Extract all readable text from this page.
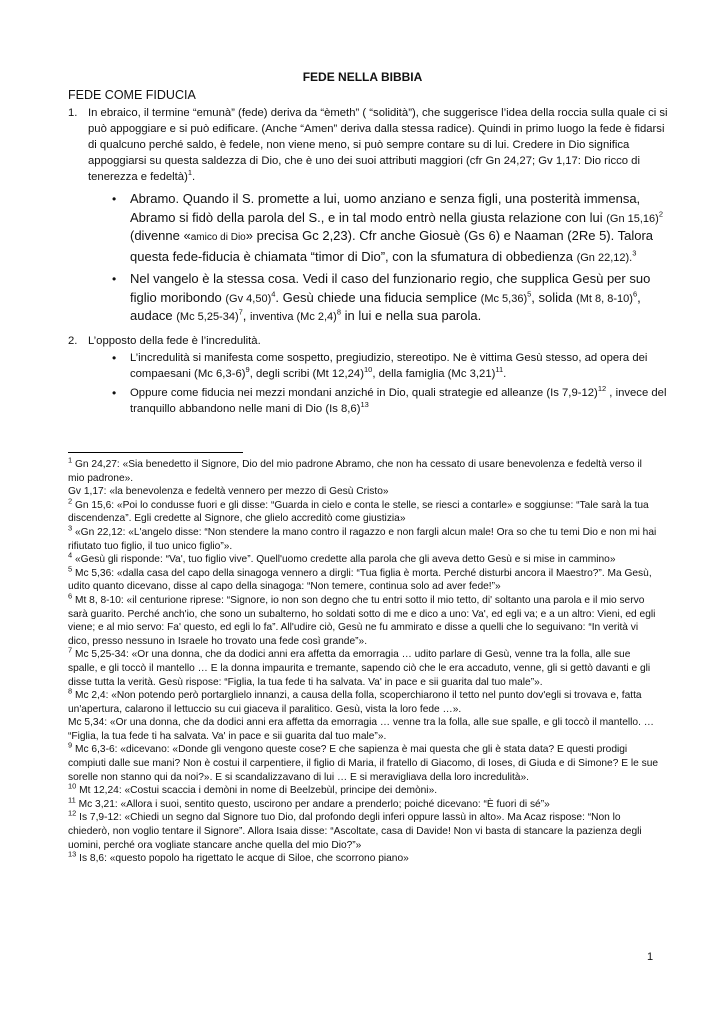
FEDE NELLA BIBBIA
FEDE COME FIDUCIA
1. In ebraico, il termine “emunà” (fede) deriva da “èmeth” ( “solidità”), che suggerisce l’idea della roccia sulla quale ci si può appoggiare e si può edificare. (Anche “Amen” deriva dalla stessa radice). Quindi in primo luogo la fede è fidarsi di qualcuno perché saldo, è fedele, non viene meno, si può sempre contare su di lui. Credere in Dio significa appoggiarsi su questa saldezza di Dio, che è uno dei suoi attributi maggiori (cfr Gn 24,27; Gv 1,17: Dio ricco di tenerezza e fedeltà)$^1$.
• Abramo. Quando il S. promette a lui, uomo anziano e senza figli, una posterità immensa, Abramo si fidò della parola del S., e in tal modo entrò nella giusta relazione con lui (Gn 15,16)$^2$ (divenne «amico di Dio» precisa Gc 2,23). Cfr anche Giosuè (Gs 6) e Naaman (2Re 5). Talora questa fede-fiducia è chiamata “timor di Dio”, con la sfumatura di obbedienza (Gn 22,12).$^3$
• Nel vangelo è la stessa cosa. Vedi il caso del funzionario regio, che supplica Gesù per suo figlio moribondo (Gv 4,50)$^4$. Gesù chiede una fiducia semplice (Mc 5,36)$^5$, solida (Mt 8, 8-10)$^6$, audace (Mc 5,25-34)$^7$, inventiva (Mc 2,4)$^8$ in lui e nella sua parola.
2. L’opposto della fede è l’incredulità.
• L’incredulità si manifesta come sospetto, pregiudizio, stereotipo. Ne è vittima Gesù stesso, ad opera dei compaesani (Mc 6,3-6)$^9$, degli scribi (Mt 12,24)$^{10}$, della famiglia (Mc 3,21)$^{11}$.
• Oppure come fiducia nei mezzi mondani anziché in Dio, quali strategie ed alleanze (Is 7,9-12)$^{12}$ , invece del tranquillo abbandono nelle mani di Dio (Is 8,6)$^{13}$

$^1$ Gn 24,27: «Sia benedetto il Signore, Dio del mio padrone Abramo, che non ha cessato di usare benevolenza e fedeltà verso il mio padrone».

Gv 1,17: «la benevolenza e fedeltà vennero per mezzo di Gesù Cristo»

$^2$ Gn 15,6: «Poi lo condusse fuori e gli disse: “Guarda in cielo e conta le stelle, se riesci a contarle» e soggiunse: “Tale sarà la tua discendenza”. Egli credette al Signore, che glielo accreditò come giustizia»

$^3$ «Gn 22,12: «L'angelo disse: “Non stendere la mano contro il ragazzo e non fargli alcun male! Ora so che tu temi Dio e non mi hai rifiutato tuo figlio, il tuo unico figlio”».

$^4$ «Gesù gli risponde: “Va', tuo figlio vive”. Quell'uomo credette alla parola che gli aveva detto Gesù e si mise in cammino»

$^5$ Mc 5,36: «dalla casa del capo della sinagoga vennero a dirgli: “Tua figlia è morta. Perché disturbi ancora il Maestro?”. Ma Gesù, udito quanto dicevano, disse al capo della sinagoga: “Non temere, continua solo ad aver fede!”»

$^6$ Mt 8, 8-10: «il centurione riprese: “Signore, io non son degno che tu entri sotto il mio tetto, di' soltanto una parola e il mio servo sarà guarito. Perché anch'io, che sono un subalterno, ho soldati sotto di me e dico a uno: Va', ed egli va; e a un altro: Vieni, ed egli viene; e al mio servo: Fa' questo, ed egli lo fa”. All'udire ciò, Gesù ne fu ammirato e disse a quelli che lo seguivano: “In verità vi dico, presso nessuno in Israele ho trovato una fede così grande”».

$^7$ Mc 5,25-34: «Or una donna, che da dodici anni era affetta da emorragia … udito parlare di Gesù, venne tra la folla, alle sue spalle, e gli toccò il mantello … E la donna impaurita e tremante, sapendo ciò che le era accaduto, venne, gli si gettò davanti e gli disse tutta la verità. Gesù rispose: “Figlia, la tua fede ti ha salvata. Va' in pace e sii guarita dal tuo male”».

$^8$ Mc 2,4: «Non potendo però portarglielo innanzi, a causa della folla, scoperchiarono il tetto nel punto dov'egli si trovava e, fatta un'apertura, calarono il lettuccio su cui giaceva il paralitico. Gesù, vista la loro fede …».

Mc 5,34: «Or una donna, che da dodici anni era affetta da emorragia … venne tra la folla, alle sue spalle, e gli toccò il mantello. … “Figlia, la tua fede ti ha salvata. Va' in pace e sii guarita dal tuo male”».

$^9$ Mc 6,3-6: «dicevano: «Donde gli vengono queste cose? E che sapienza è mai questa che gli è stata data? E questi prodigi compiuti dalle sue mani? Non è costui il carpentiere, il figlio di Maria, il fratello di Giacomo, di Ioses, di Giuda e di Simone? E le sue sorelle non stanno qui da noi?». E si scandalizzavano di lui … E si meravigliava della loro incredulità».

$^{10}$ Mt 12,24: «Costui scaccia i demòni in nome di Beelzebùl, principe dei demòni».

$^{11}$ Mc 3,21: «Allora i suoi, sentito questo, uscirono per andare a prenderlo; poiché dicevano: “È fuori di sé”»

$^{12}$ Is 7,9-12: «Chiedi un segno dal Signore tuo Dio, dal profondo degli inferi oppure lassù in alto». Ma Acaz rispose: “Non lo chiederò, non voglio tentare il Signore”. Allora Isaia disse: “Ascoltate, casa di Davide! Non vi basta di stancare la pazienza degli uomini, perché ora vogliate stancare anche quella del mio Dio?”»

$^{13}$ Is 8,6: «questo popolo ha rigettato le acque di Siloe, che scorrono piano»

1
